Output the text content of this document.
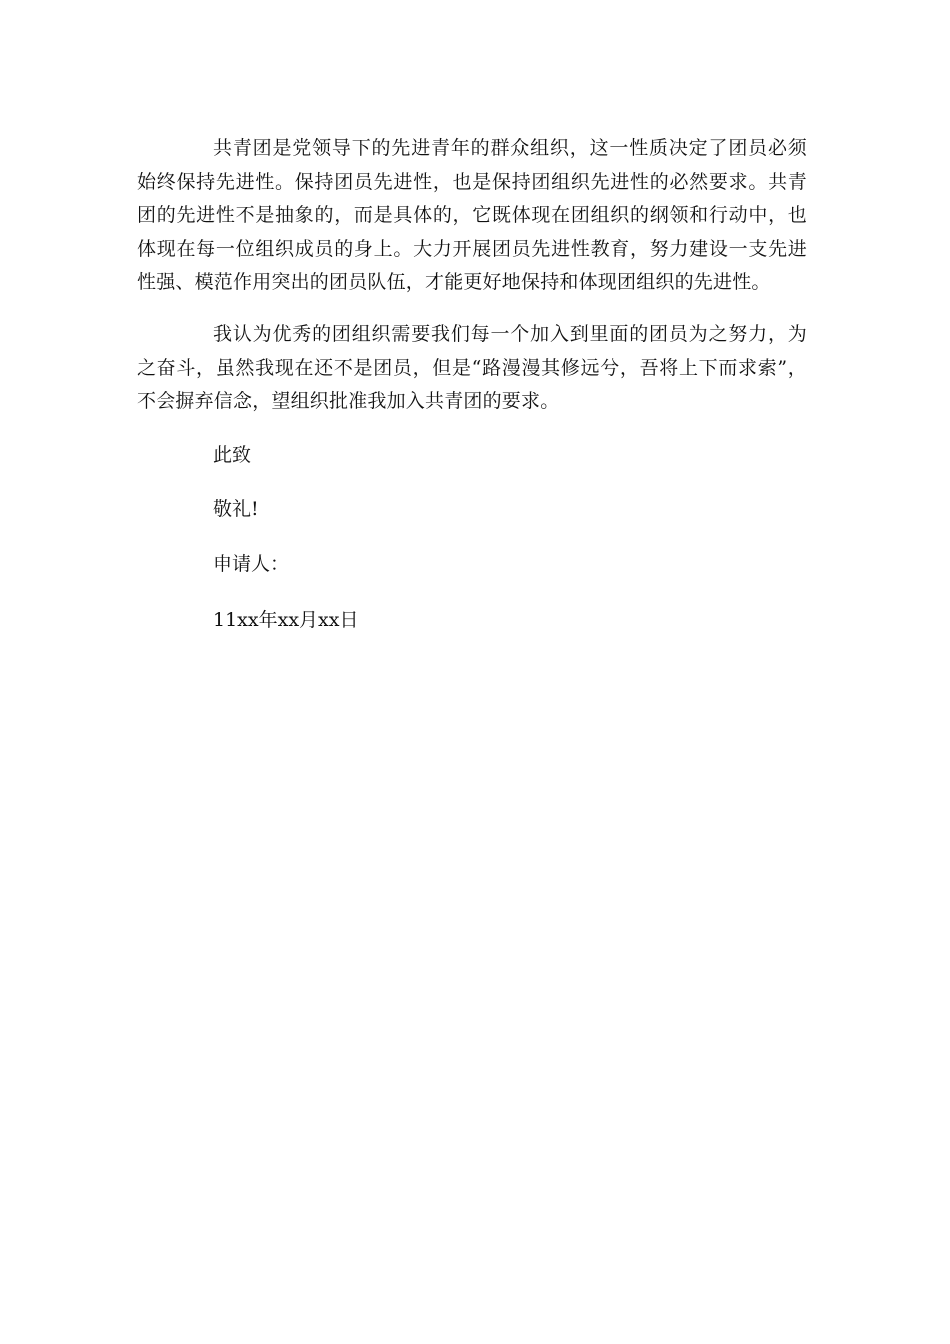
共青团是党领导下的先进青年的群众组织，这一性质决定了团员必须始终保持先进性。保持团员先进性，也是保持团组织先进性的必然要求。共青团的先进性不是抽象的，而是具体的，它既体现在团组织的纲领和行动中，也体现在每一位组织成员的身上。大力开展团员先进性教育，努力建设一支先进性强、模范作用突出的团员队伍，才能更好地保持和体现团组织的先进性。

我认为优秀的团组织需要我们每一个加入到里面的团员为之努力，为之奋斗，虽然我现在还不是团员，但是“路漫漫其修远兮，吾将上下而求索”，不会摒弃信念，望组织批准我加入共青团的要求。

此致

敬礼!

申请人：

11xx年xx月xx日
